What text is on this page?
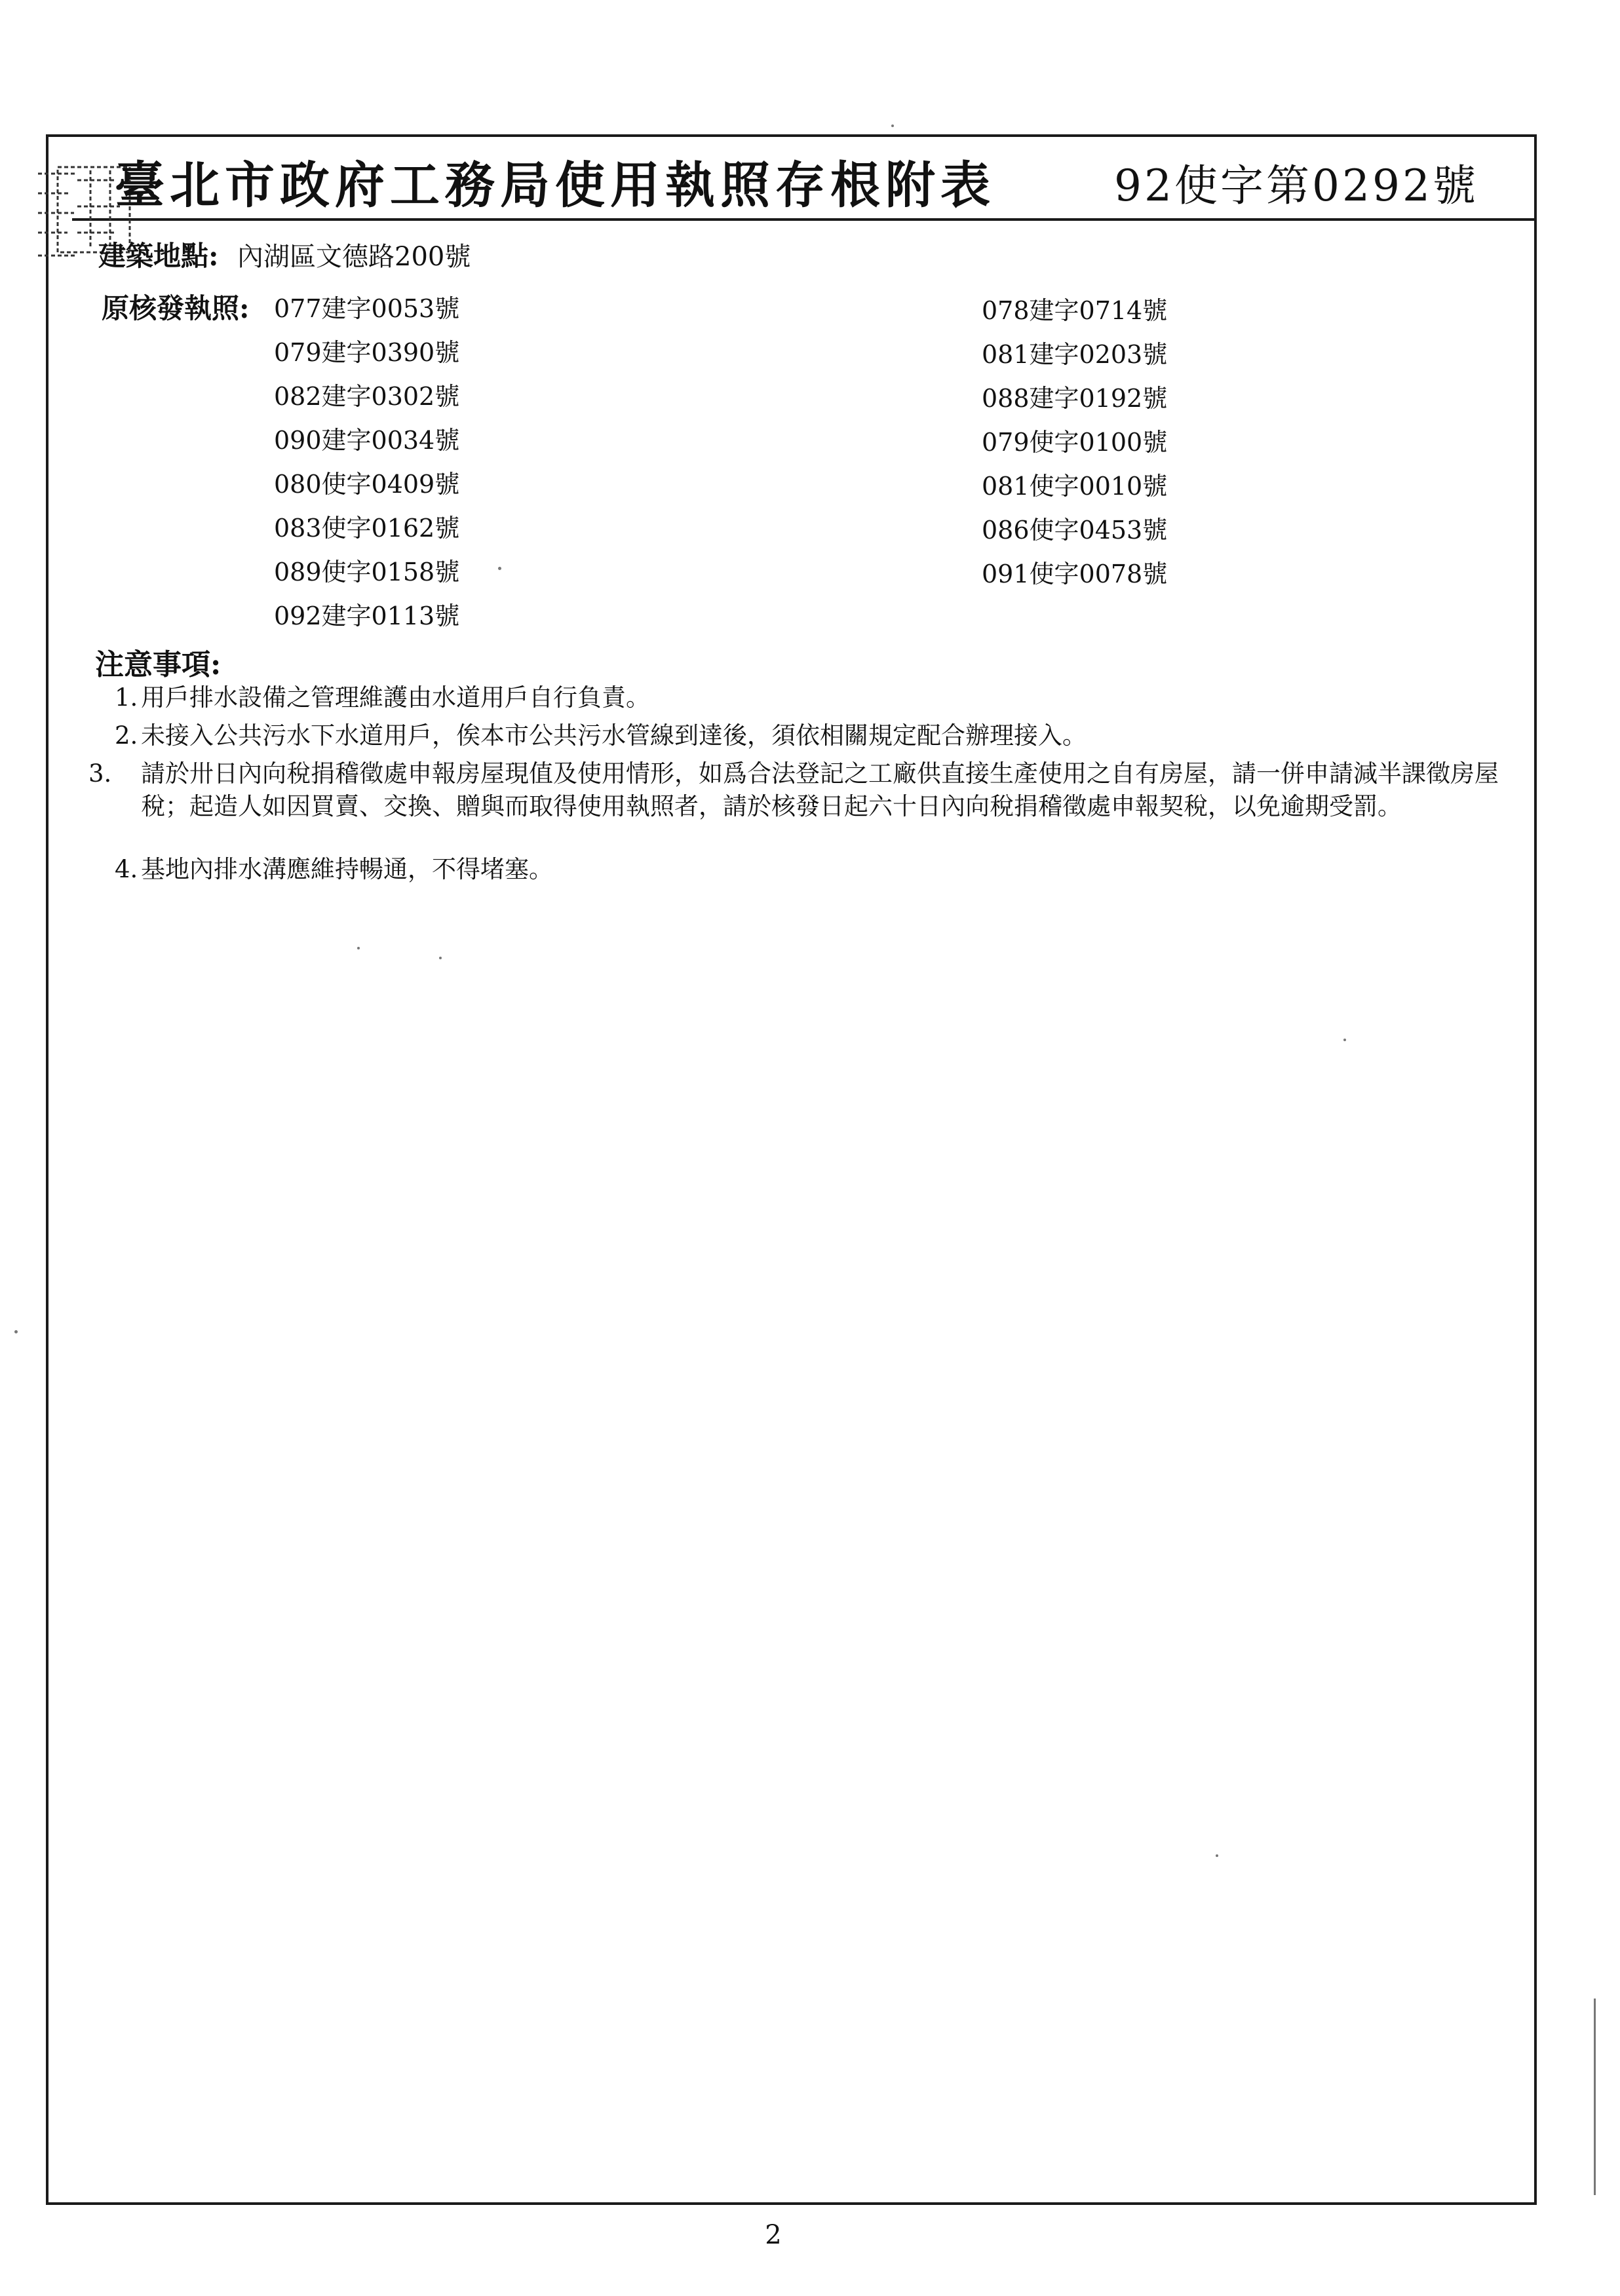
臺北市政府工務局使用執照存根附表	92使字第0292號
建築地點: 內湖區文德路200號
原核發執照: 077建字0053號
079建字0390號
082建字0302號
090建字0034號
080使字0409號
083使字0162號
089使字0158號
092建字0113號
078建字0714號
081建字0203號
088建字0192號
079使字0100號
081使字0010號
086使字0453號
091使字0078號
注意事項:
1. 用戶排水設備之管理維護由水道用戶自行負責。
2. 未接入公共污水下水道用戶，俟本市公共污水管線到達後，須依相關規定配合辦理接入。
3. 請於卅日內向稅捐稽徵處申報房屋現值及使用情形，如爲合法登記之工廠供直接生產使用之自有房屋，請一併申請減半課徵房屋稅；起造人如因買賣、交換、贈與而取得使用執照者，請於核發日起六十日內向稅捐稽徵處申報契稅，以免逾期受罰。
4. 基地內排水溝應維持暢通，不得堵塞。
2
